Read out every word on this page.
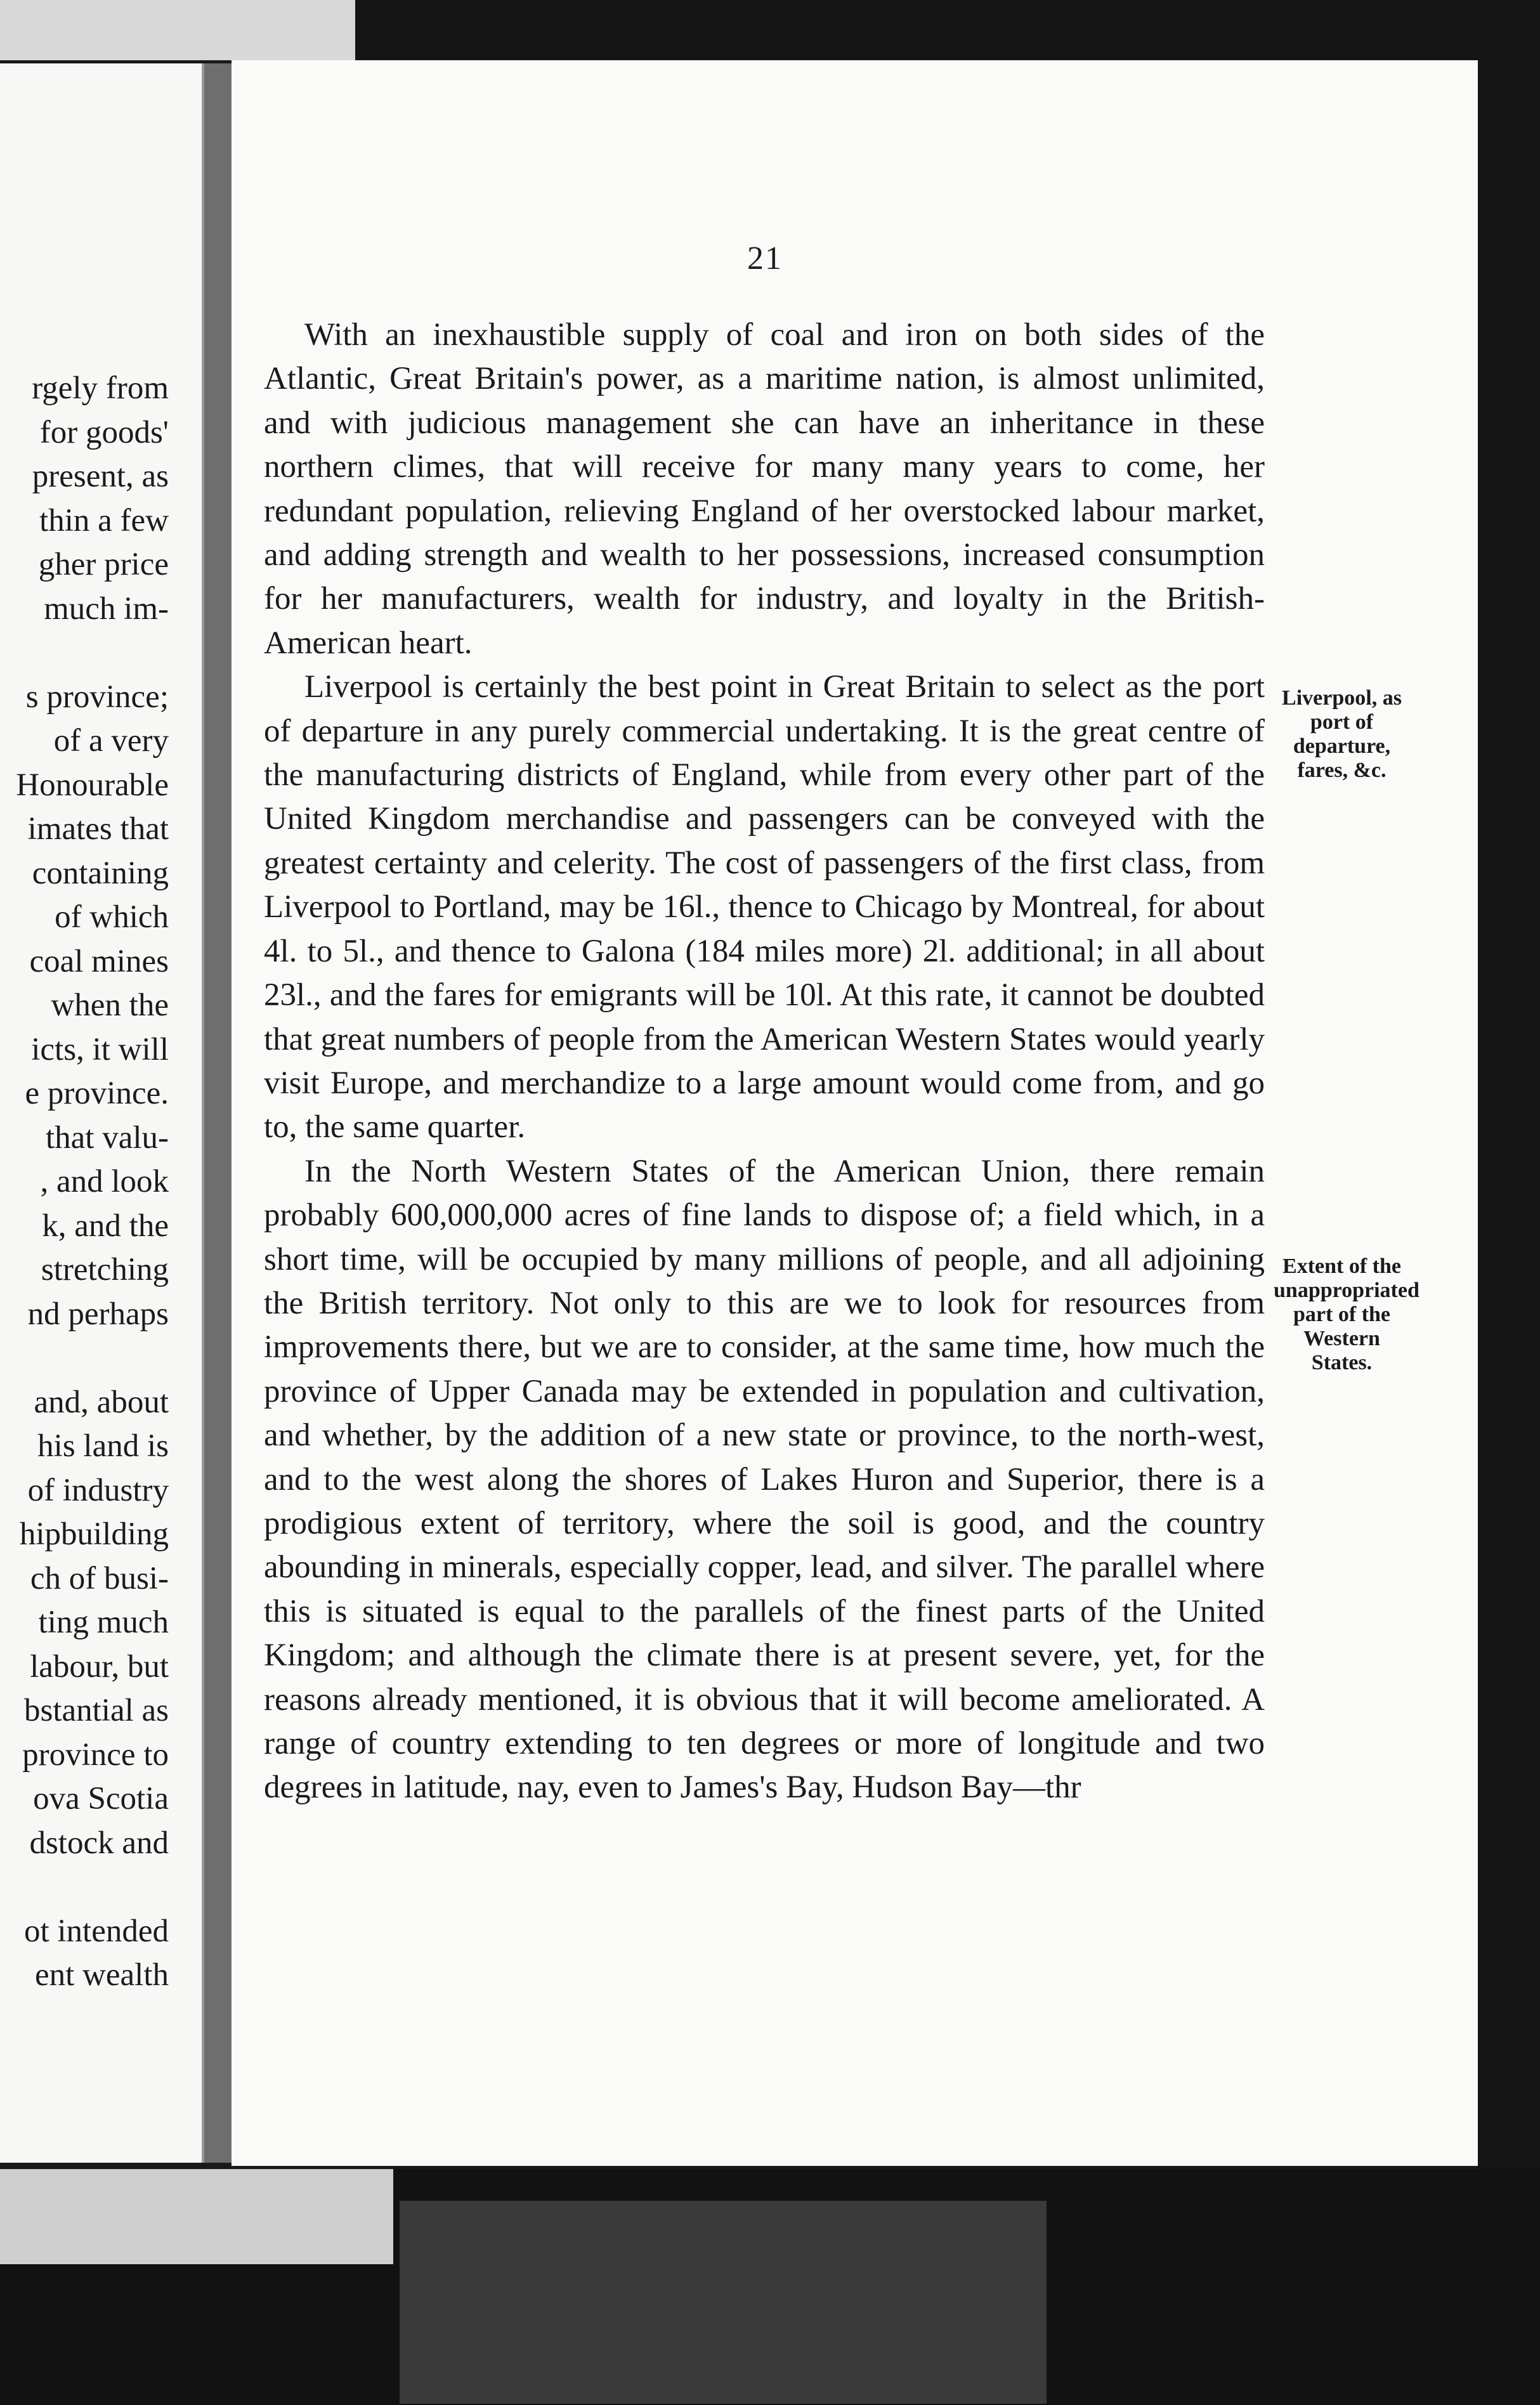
rgely from
for goods'
present, as
thin a few
gher price
much im-
s province;
of a very
Honourable
imates that
containing
of which
coal mines
when the
icts, it will
e province.
that valu-
, and look
k, and the
stretching
nd perhaps
and, about
his land is
of industry
hipbuilding
ch of busi-
ting much
labour, but
bstantial as
province to
ova Scotia
dstock and
ot intended
ent wealth
21

With an inexhaustible supply of coal and iron on both sides of the Atlantic, Great Britain's power, as a maritime nation, is almost unlimited, and with judicious management she can have an inheritance in these northern climes, that will receive for many many years to come, her redundant population, relieving England of her overstocked labour market, and adding strength and wealth to her possessions, increased consumption for her manufacturers, wealth for industry, and loyalty in the British-American heart.

Liverpool is certainly the best point in Great Britain to select as the port of departure in any purely commercial undertaking. It is the great centre of the manufacturing districts of England, while from every other part of the United Kingdom merchandise and passengers can be conveyed with the greatest certainty and celerity. The cost of passengers of the first class, from Liverpool to Portland, may be 16l., thence to Chicago by Montreal, for about 4l. to 5l., and thence to Galona (184 miles more) 2l. additional; in all about 23l., and the fares for emigrants will be 10l. At this rate, it cannot be doubted that great numbers of people from the American Western States would yearly visit Europe, and merchandize to a large amount would come from, and go to, the same quarter.

In the North Western States of the American Union, there remain probably 600,000,000 acres of fine lands to dispose of; a field which, in a short time, will be occupied by many millions of people, and all adjoining the British territory. Not only to this are we to look for resources from improvements there, but we are to consider, at the same time, how much the province of Upper Canada may be extended in population and cultivation, and whether, by the addition of a new state or province, to the north-west, and to the west along the shores of Lakes Huron and Superior, there is a prodigious extent of territory, where the soil is good, and the country abounding in minerals, especially copper, lead, and silver. The parallel where this is situated is equal to the parallels of the finest parts of the United Kingdom; and although the climate there is at present severe, yet, for the reasons already mentioned, it is obvious that it will become ameliorated. A range of country extending to ten degrees or more of longitude and two degrees in latitude, nay, even to James's Bay, Hudson Bay—thr

Liverpool, as port of departure, fares, &c.
Extent of the unappropriated part of the Western States.
